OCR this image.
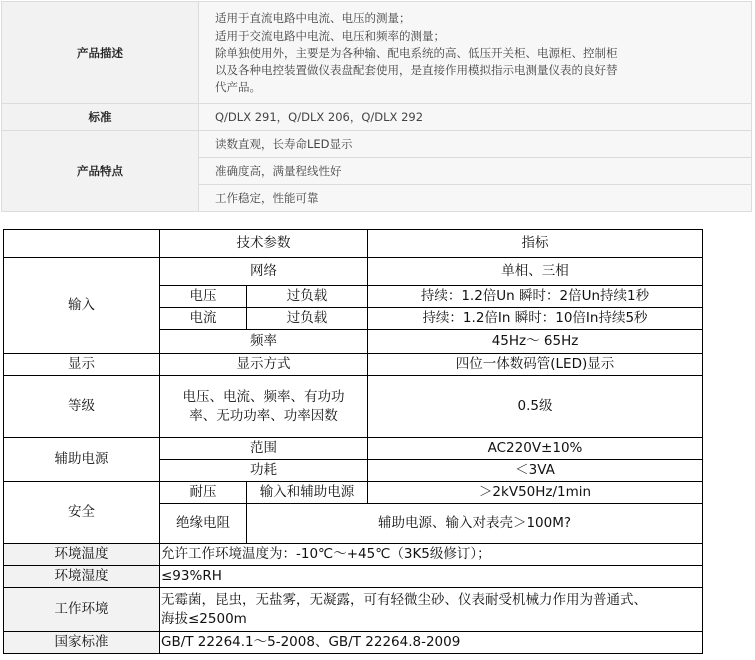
产品描述	适用于直流电路中电流、电压的测量；
适用于交流电路中电流、电压和频率的测量；
除单独使用外，主要是为各种输、配电系统的高、低压开关柜、电源柜、控制柜
以及各种电控装置做仪表盘配套使用，是直接作用模拟指示电测量仪表的良好替
代产品。

标准	Q/DLX 291，Q/DLX 206，Q/DLX 292
产品特点	读数直观，长寿命LED显示
	准确度高，满量程线性好
	工作稳定，性能可靠
	技术参数		指标
输入	网络		单相、三相
	电压	过负载	持续：1.2倍Un 瞬时：2倍Un持续1秒
	电流	过负载	持续：1.2倍In 瞬时：10倍In持续5秒
	频率		45Hz～ 65Hz
显示	显示方式		四位一体数码管(LED)显示
等级	电压、电流、频率、有功功
率、无功功率、功率因数		0.5级
辅助电源	范围		AC220V±10%
	功耗		＜3VA
安全	耐压	输入和辅助电源	＞2kV50Hz/1min
	绝缘电阻	辅助电源、输入对表壳＞100M?	
环境温度	允许工作环境温度为：-10℃～+45℃（3K5级修订）；		
环境湿度	≤93%RH		
工作环境	无霉菌，昆虫，无盐雾，无凝露，可有轻微尘砂、仪表耐受机械力作用为普通式、
海拔≤2500m		

国家标准	GB/T 22264.1～5-2008、GB/T 22264.8-2009		
